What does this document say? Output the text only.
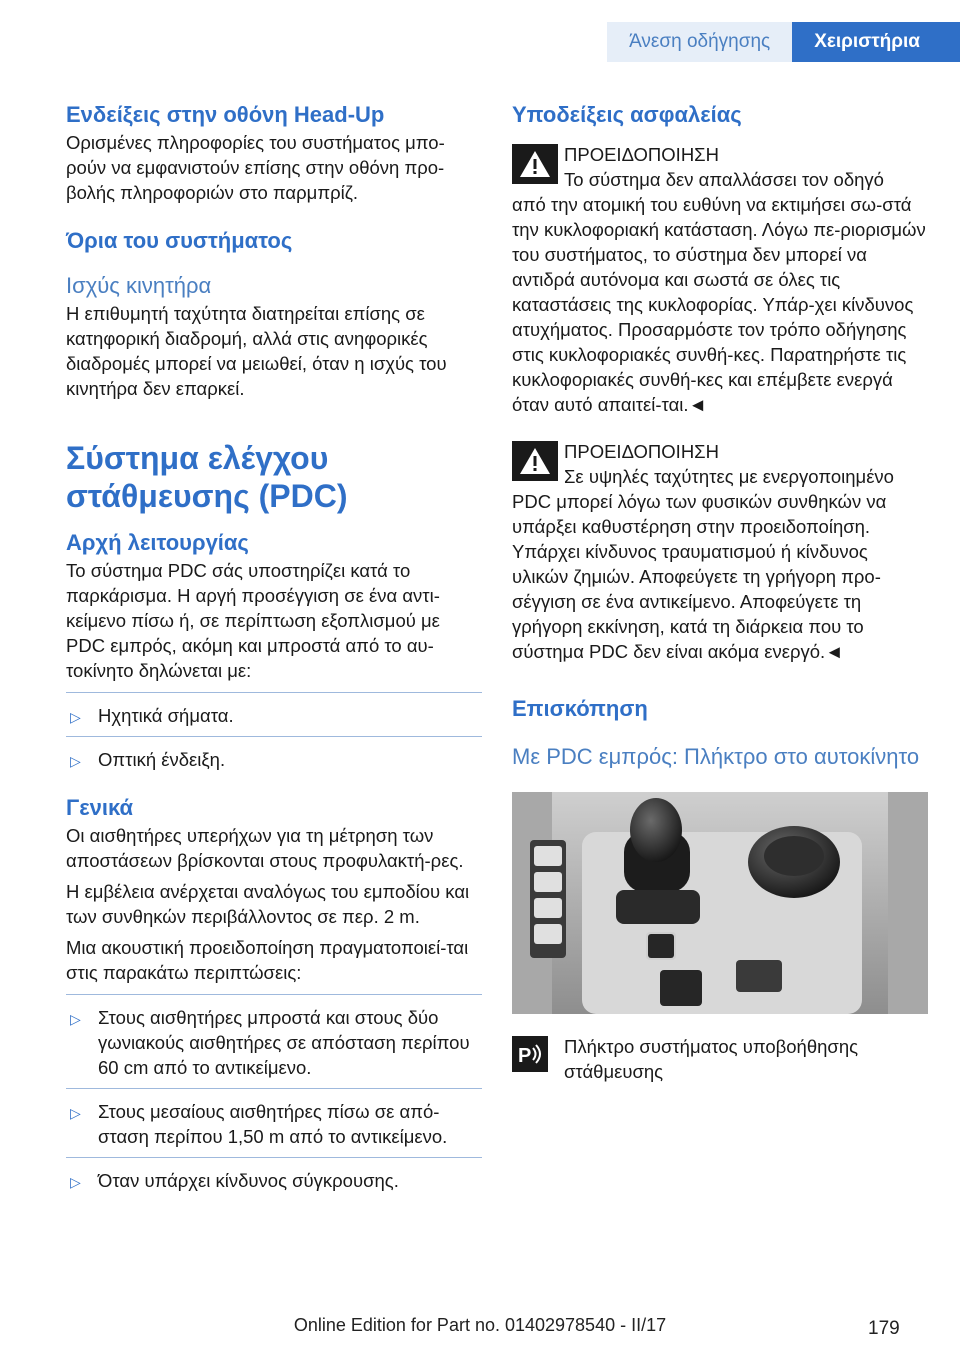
Άνεση οδήγησης	Χειριστήρια
Ενδείξεις στην οθόνη Head-Up

Ορισμένες πληροφορίες του συστήματος μπο-ρούν να εμφανιστούν επίσης στην οθόνη προ-βολής πληροφοριών στο παρμπρίζ.

Όρια του συστήματος
Ισχύς κινητήρα

Η επιθυμητή ταχύτητα διατηρείται επίσης σε κατηφορική διαδρομή, αλλά στις ανηφορικές διαδρομές μπορεί να μειωθεί, όταν η ισχύς του κινητήρα δεν επαρκεί.

Σύστημα ελέγχου
στάθμευσης (PDC)
Αρχή λειτουργίας

Το σύστημα PDC σάς υποστηρίζει κατά το παρκάρισμα. Η αργή προσέγγιση σε ένα αντι-κείμενο πίσω ή, σε περίπτωση εξοπλισμού με PDC εμπρός, ακόμη και μπροστά από το αυ-τοκίνητο δηλώνεται με:

▷ Ηχητικά σήματα.
▷ Οπτική ένδειξη.
Γενικά

Οι αισθητήρες υπερήχων για τη μέτρηση των αποστάσεων βρίσκονται στους προφυλακτή-ρες.

Η εμβέλεια ανέρχεται αναλόγως του εμποδίου και των συνθηκών περιβάλλοντος σε περ. 2 m.

Μια ακουστική προειδοποίηση πραγματοποιεί-ται στις παρακάτω περιπτώσεις:

▷ Στους αισθητήρες μπροστά και στους δύο γωνιακούς αισθητήρες σε απόσταση περίπου 60 cm από το αντικείμενο.
▷ Στους μεσαίους αισθητήρες πίσω σε από-σταση περίπου 1,50 m από το αντικείμενο.
▷ Όταν υπάρχει κίνδυνος σύγκρουσης.
Υποδείξεις ασφαλείας

ΠΡΟΕΙΔΟΠΟΙΗΣΗ

Το σύστημα δεν απαλλάσσει τον οδηγό

από την ατομική του ευθύνη να εκτιμήσει σω-στά την κυκλοφοριακή κατάσταση. Λόγω πε-ριορισμών του συστήματος, το σύστημα δεν μπορεί να αντιδρά αυτόνομα και σωστά σε όλες τις καταστάσεις της κυκλοφορίας. Υπάρ-χει κίνδυνος ατυχήματος. Προσαρμόστε τον τρόπο οδήγησης στις κυκλοφοριακές συνθή-κες. Παρατηρήστε τις κυκλοφοριακές συνθή-κες και επέμβετε ενεργά όταν αυτό απαιτεί-ται.◄

ΠΡΟΕΙΔΟΠΟΙΗΣΗ

Σε υψηλές ταχύτητες με ενεργοποιημένο

PDC μπορεί λόγω των φυσικών συνθηκών να υπάρξει καθυστέρηση στην προειδοποίηση. Υπάρχει κίνδυνος τραυματισμού ή κίνδυνος υλικών ζημιών. Αποφεύγετε τη γρήγορη προ-σέγγιση σε ένα αντικείμενο. Αποφεύγετε τη γρήγορη εκκίνηση, κατά τη διάρκεια που το σύστημα PDC δεν είναι ακόμα ενεργό.◄

Επισκόπηση
Με PDC εμπρός: Πλήκτρο στο αυτοκίνητο
P	Πλήκτρο συστήματος υποβοήθησης στάθμευσης

179
Online Edition for Part no. 01402978540 - II/17
